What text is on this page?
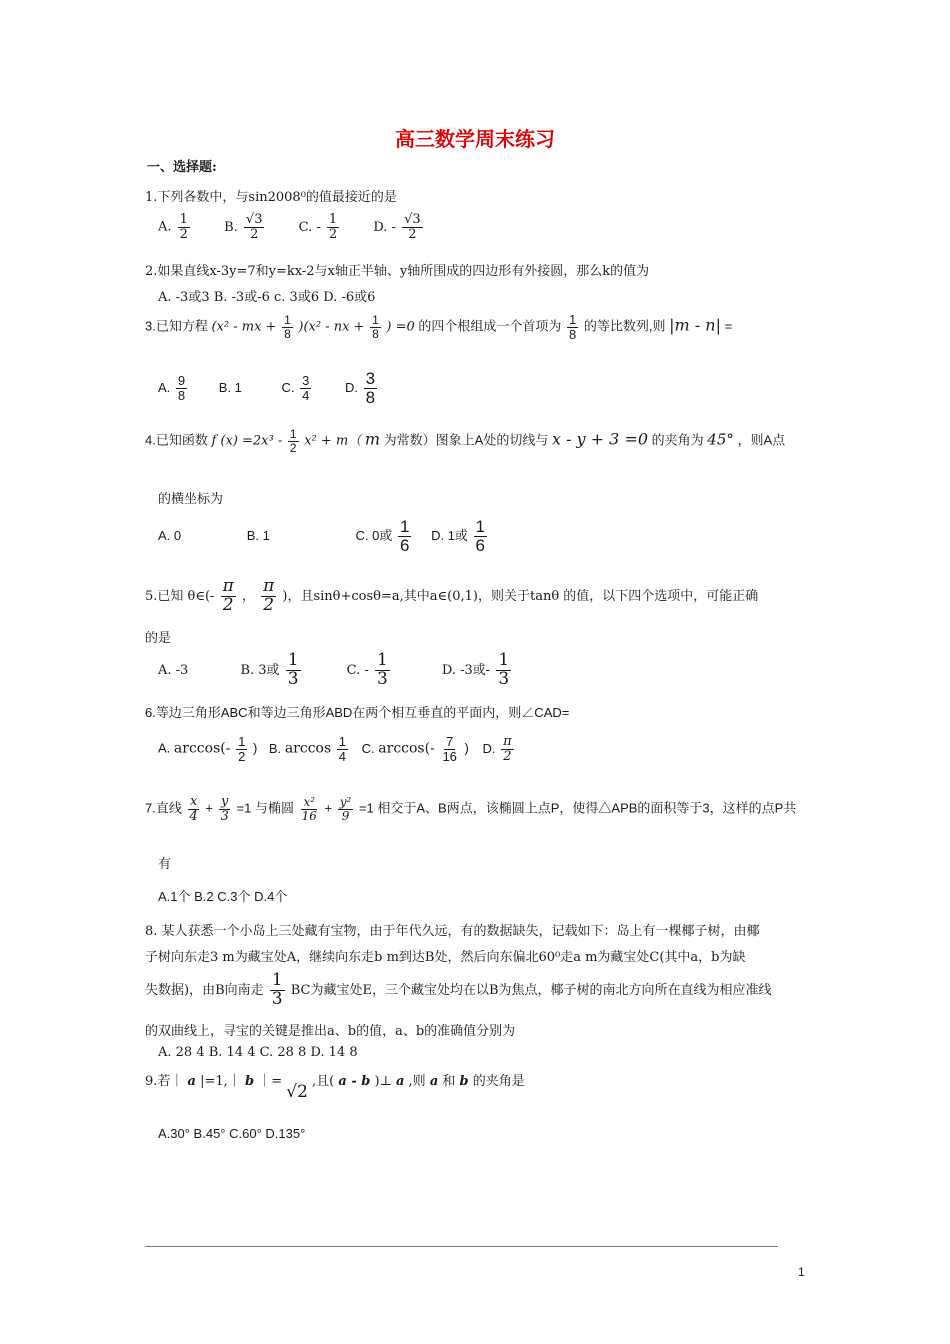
高三数学周末练习
一、选择题:
1.下列各数中，与sin2008⁰的值最接近的是
A. $\frac{1}{2}$	B. $\frac{√3}{2}$	C. - $\frac{1}{2}$	D. - $\frac{√3}{2}$
2.如果直线x-3y=7和y=kx-2与x轴正半轴、y轴所围成的四边形有外接圆，那么k的值为
A. -3或3 B. -3或-6 c. 3或6 D. -6或6
3.已知方程 (x² - mx + $\frac{1}{8} )(x^2$ - nx + $\frac{1}{8}$ ) =0 的四个根组成一个首项为 $\frac{1}{8}$ 的等比数列,则 |m - n| =
A. $\frac{9}{8} B$. 1	C. $\frac{3}{4}$	D. $\frac{3}{8}$
4.已知函数 f $(x) =2x^3 - \frac{1}{2} x^2 + m$（ m 为常数）图象上A处的切线与 x - y + 3 =0 的夹角为 45° ，则A点
的横坐标为
A. 0	B. 1	C. 0或 $\frac{1}{6} D$. 1或 $\frac{1}{6}$
5.已知 θ∈(- $\frac{\pi}{2}$ ， $\frac{\pi}{2}$ )，且sinθ+cosθ=a,其中a∈(0,1)，则关于tanθ 的值，以下四个选项中，可能正确
的是
A. -3	B. 3或 $\frac{1}{3}$	C. - $\frac{1}{3}$	D. -3或- $\frac{1}{3}$
6.等边三角形ABC和等边三角形ABD在两个相互垂直的平面内，则∠CAD=
A. $\arccos(- \frac{1}{2}$ ) B. $\arccos \frac{1}{4} C$. $\arccos(- \frac{7}{16}$ ) D. $\frac{\pi}{2}$
7.直线 $\frac{x}{4} + \frac{y}{3} =1$ 与椭圆 $\frac{\text{x²}}{16} + \frac{\text{y²}}{9} =1$ 相交于A、B两点，该椭圆上点P，使得△APB的面积等于3，这样的点P共
有
A.1个 B.2 C.3个 D.4个
8. 某人获悉一个小岛上三处藏有宝物，由于年代久远，有的数据缺失，记载如下：岛上有一棵椰子树，由椰
子树向东走3 m为藏宝处A，继续向东走b m到达B处，然后向东偏北60⁰走a m为藏宝处C(其中a，b为缺
失数据)，由B向南走 $\frac{1}{3}$ BC为藏宝处E，三个藏宝处均在以B为焦点，椰子树的南北方向所在直线为相应准线
的双曲线上，寻宝的关键是推出a、b的值，a、b的准确值分别为
A. 28 4 B. 14 4 C. 28 8 D. 14 8
9.若｜ a |=1,｜ b ｜= √2 ,且( a - b )⊥ a ,则 a 和 b 的夹角是
A.30° B.45° C.60° D.135°
1
